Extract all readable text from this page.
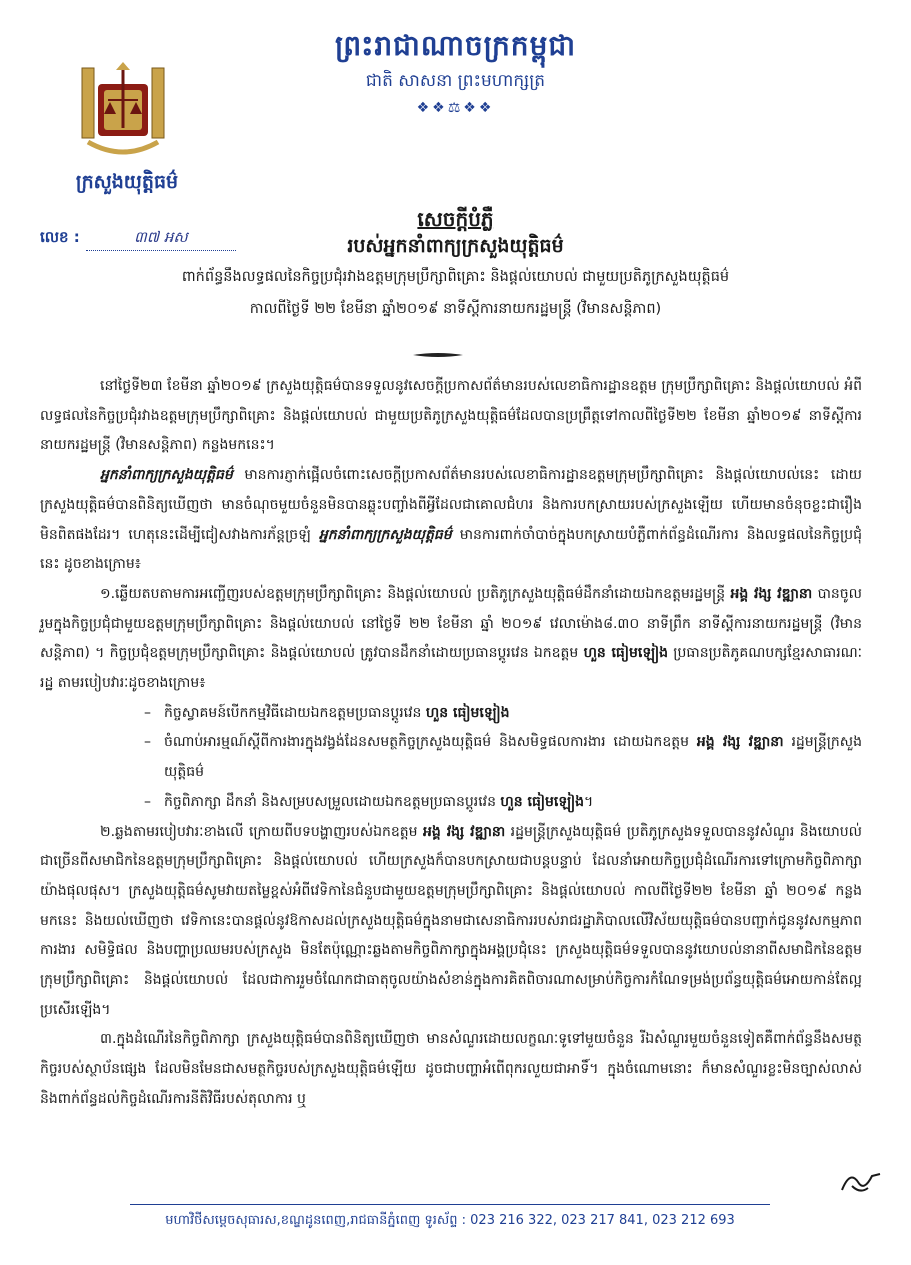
ព្រះរាជាណាចក្រកម្ពុជា
ជាតិ សាសនា ព្រះមហាក្សត្រ
❖❖⚖❖❖
ក្រសួងយុត្តិធម៌
លេខ :	៣៧ អស
សេចក្តីបំភ្លឺ
របស់អ្នកនាំពាក្យក្រសួងយុត្តិធម៌
ពាក់ព័ន្ធនឹងលទ្ធផលនៃកិច្ចប្រជុំរវាងឧត្តមក្រុមប្រឹក្សាពិគ្រោះ និងផ្តល់យោបល់ ជាមួយប្រតិភូក្រសួងយុត្តិធម៌
កាលពីថ្ងៃទី ២២ ខែមីនា ឆ្នាំ២០១៩ នាទីស្តីការនាយករដ្ឋមន្ត្រី (វិមានសន្តិភាព)

នៅថ្ងៃទី២៣ ខែមីនា ឆ្នាំ២០១៩ ក្រសួងយុត្តិធម៌បានទទួលនូវសេចក្តីប្រកាសព័ត៌មានរបស់លេខាធិការដ្ឋានឧត្តម ក្រុមប្រឹក្សាពិគ្រោះ និងផ្តល់យោបល់ អំពីលទ្ធផលនៃកិច្ចប្រជុំរវាងឧត្តមក្រុមប្រឹក្សាពិគ្រោះ និងផ្តល់យោបល់ ជាមួយប្រតិភូក្រសួងយុត្តិធម៌ដែលបានប្រព្រឹត្តទៅកាលពីថ្ងៃទី២២ ខែមីនា ឆ្នាំ២០១៩ នាទីស្តីការនាយករដ្ឋមន្ត្រី (វិមានសន្តិភាព) កន្លងមកនេះ។

អ្នកនាំពាក្យក្រសួងយុត្តិធម៌ មានការភ្ញាក់ផ្អើលចំពោះសេចក្តីប្រកាសព័ត៌មានរបស់លេខាធិការដ្ឋានឧត្តមក្រុមប្រឹក្សាពិគ្រោះ និងផ្តល់យោបល់នេះ ដោយក្រសួងយុត្តិធម៌បានពិនិត្យឃើញថា មានចំណុចមួយចំនួនមិនបានឆ្លុះបញ្ចាំងពីអ្វីដែលជាគោលជំហរ និងការបកស្រាយរបស់ក្រសួងឡើយ ហើយមានចំនុចខ្លះជារឿងមិនពិតផងដែរ។ ហេតុនេះដើម្បីជៀសវាងការភ័ន្តច្រឡំ អ្នកនាំពាក្យក្រសួងយុត្តិធម៌ មានការពាក់ចាំបាច់ក្នុងបកស្រាយបំភ្លឺពាក់ព័ន្ធដំណើរការ និងលទ្ធផលនៃកិច្ចប្រជុំនេះ ដូចខាងក្រោម៖

១.ឆ្លើយតបតាមការអញ្ជើញរបស់ឧត្តមក្រុមប្រឹក្សាពិគ្រោះ និងផ្តល់យោបល់ ប្រតិភូក្រសួងយុត្តិធម៌ដឹកនាំដោយឯកឧត្តមរដ្ឋមន្ត្រី អង្គ វង្ស វឌ្ឍានា បានចូលរួមក្នុងកិច្ចប្រជុំជាមួយឧត្តមក្រុមប្រឹក្សាពិគ្រោះ និងផ្តល់យោបល់ នៅថ្ងៃទី ២២ ខែមីនា ឆ្នាំ ២០១៩ វេលាម៉ោង៨.៣០ នាទីព្រឹក នាទីស្តីការនាយករដ្ឋមន្ត្រី (វិមានសន្តិភាព) ។ កិច្ចប្រជុំឧត្តមក្រុមប្រឹក្សាពិគ្រោះ និងផ្តល់យោបល់ ត្រូវបានដឹកនាំដោយប្រធានប្តូរវេន ឯកឧត្តម ហួន ធៀមឡៀង ប្រធានប្រតិភូគណបក្សខ្មែរសាធារណៈរដ្ឋ តាមរបៀបវារៈដូចខាងក្រោម៖

– កិច្ចស្វាគមន៍បើកកម្មវិធីដោយឯកឧត្តមប្រធានប្តូរវេន ហួន ធៀមឡៀង
– ចំណាប់អារម្មណ៍ស្តីពីការងារក្នុងវង្វង់ដែនសមត្ថកិច្ចក្រសួងយុត្តិធម៌ និងសមិទ្ធផលការងារ ដោយឯកឧត្តម អង្គ វង្ស វឌ្ឍានា រដ្ឋមន្ត្រីក្រសួងយុត្តិធម៌
– កិច្ចពិភាក្សា ដឹកនាំ និងសម្របសម្រួលដោយឯកឧត្តមប្រធានប្តូរវេន ហួន ធៀមឡៀង។

២.ឆ្លងតាមរបៀបវារៈខាងលើ ក្រោយពីបទបង្ហាញរបស់ឯកឧត្តម អង្គ វង្ស វឌ្ឍានា រដ្ឋមន្ត្រីក្រសួងយុត្តិធម៌ ប្រតិភូក្រសួងទទួលបាននូវសំណួរ និងយោបល់ជាច្រើនពីសមាជិកនៃឧត្តមក្រុមប្រឹក្សាពិគ្រោះ និងផ្តល់យោបល់ ហើយក្រសួងក៏បានបកស្រាយជាបន្តបន្ទាប់ ដែលនាំអោយកិច្ចប្រជុំដំណើរការទៅក្រោមកិច្ចពិភាក្សាយ៉ាងផុលផុស។ ក្រសួងយុត្តិធម៌សូមវាយតម្លៃខ្ពស់អំពីវេទិកានៃជំនួបជាមួយឧត្តមក្រុមប្រឹក្សាពិគ្រោះ និងផ្តល់យោបល់ កាលពីថ្ងៃទី២២ ខែមីនា ឆ្នាំ ២០១៩ កន្លងមកនេះ និងយល់ឃើញថា វេទិកានេះបានផ្តល់នូវឱកាសដល់ក្រសួងយុត្តិធម៌ក្នុងនាមជាសេនាធិការរបស់រាជរដ្ឋាភិបាលលើវិស័យយុត្តិធម៌បានបញ្ជាក់ជូននូវសកម្មភាពការងារ សមិទ្ធិផល និងបញ្ហាប្រឈមរបស់ក្រសួង មិនតែប៉ុណ្ណោះឆ្លងតាមកិច្ចពិភាក្សាក្នុងអង្គប្រជុំនេះ ក្រសួងយុត្តិធម៌ទទួលបាននូវយោបល់នានាពីសមាជិកនៃឧត្តមក្រុមប្រឹក្សាពិគ្រោះ និងផ្តល់យោបល់ ដែលជាការរួមចំណែកជាធាតុចូលយ៉ាងសំខាន់ក្នុងការគិតពិចារណាសម្រាប់កិច្ចការកំណែទម្រង់ប្រព័ន្ធយុត្តិធម៌អោយកាន់តែល្អប្រសើរឡើង។

៣.ក្នុងដំណើរនៃកិច្ចពិភាក្សា ក្រសួងយុត្តិធម៌បានពិនិត្យឃើញថា មានសំណួរដោយលក្ខណៈទូទៅមួយចំនួន រីឯសំណួរមួយចំនួនទៀតគឺពាក់ព័ន្ធនឹងសមត្ថកិច្ចរបស់ស្ថាប័នផ្សេង ដែលមិនមែនជាសមត្ថកិច្ចរបស់ក្រសួងយុត្តិធម៌ឡើយ ដូចជាបញ្ហាអំពើពុករលួយជាអាទិ៍។ ក្នុងចំណោមនោះ ក៏មានសំណួរខ្លះមិនច្បាស់លាស់ និងពាក់ព័ន្ធដល់កិច្ចដំណើរការនីតិវិធីរបស់តុលាការ ឬ

មហាវិថីសម្តេចសុធារស,ខណ្ឌដូនពេញ,រាជធានីភ្នំពេញ ទូរស័ព្ទ : 023 216 322, 023 217 841, 023 212 693
